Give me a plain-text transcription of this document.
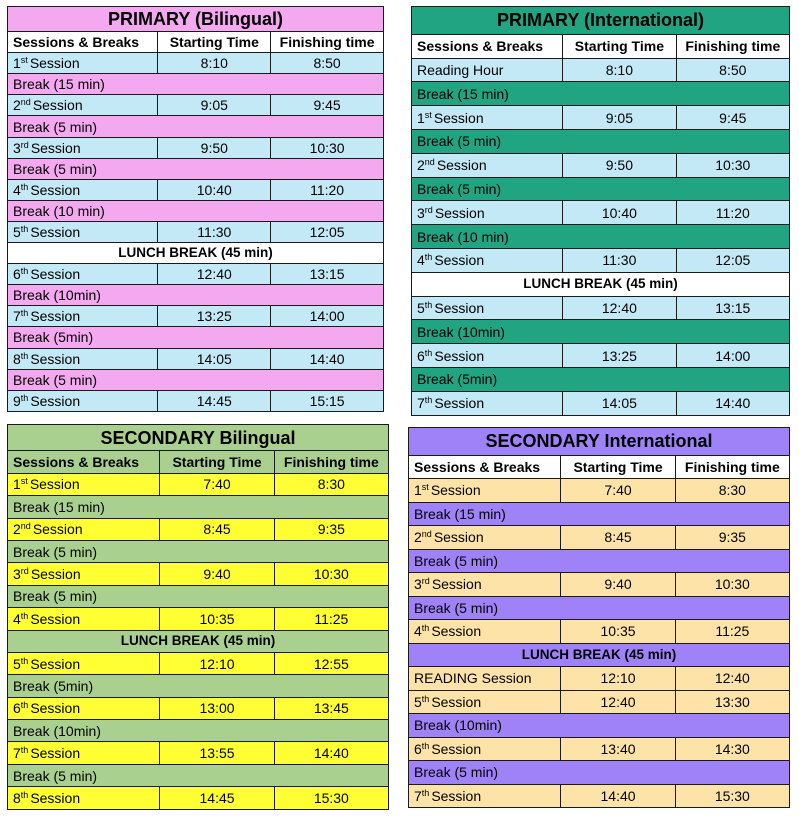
PRIMARY (Bilingual)		
Sessions & Breaks	Starting Time	Finishing time
1st Session	8:10	8:50
Break (15 min)		
2nd Session	9:05	9:45
Break (5 min)		
3rd Session	9:50	10:30
Break (5 min)		
4th Session	10:40	11:20
Break (10 min)		
5th Session	11:30	12:05
LUNCH BREAK (45 min)		
6th Session	12:40	13:15
Break (10min)		
7th Session	13:25	14:00
Break (5min)		
8th Session	14:05	14:40
Break (5 min)		
9th Session	14:45	15:15
PRIMARY (International)		
Sessions & Breaks	Starting Time	Finishing time
Reading Hour	8:10	8:50
Break (15 min)		
1st Session	9:05	9:45
Break (5 min)		
2nd Session	9:50	10:30
Break (5 min)		
3rd Session	10:40	11:20
Break (10 min)		
4th Session	11:30	12:05
LUNCH BREAK (45 min)		
5th Session	12:40	13:15
Break (10min)		
6th Session	13:25	14:00
Break (5min)		
7th Session	14:05	14:40
SECONDARY Bilingual		
Sessions & Breaks	Starting Time	Finishing time
1st Session	7:40	8:30
Break (15 min)		
2nd Session	8:45	9:35
Break (5 min)		
3rd Session	9:40	10:30
Break (5 min)		
4th Session	10:35	11:25
LUNCH BREAK (45 min)		
5th Session	12:10	12:55
Break (5min)		
6th Session	13:00	13:45
Break (10min)		
7th Session	13:55	14:40
Break (5 min)		
8th Session	14:45	15:30
SECONDARY International		
Sessions & Breaks	Starting Time	Finishing time
1st Session	7:40	8:30
Break (15 min)		
2nd Session	8:45	9:35
Break (5 min)		
3rd Session	9:40	10:30
Break (5 min)		
4th Session	10:35	11:25
LUNCH BREAK (45 min)		
READING Session	12:10	12:40
5th Session	12:40	13:30
Break (10min)		
6th Session	13:40	14:30
Break (5 min)		
7th Session	14:40	15:30
